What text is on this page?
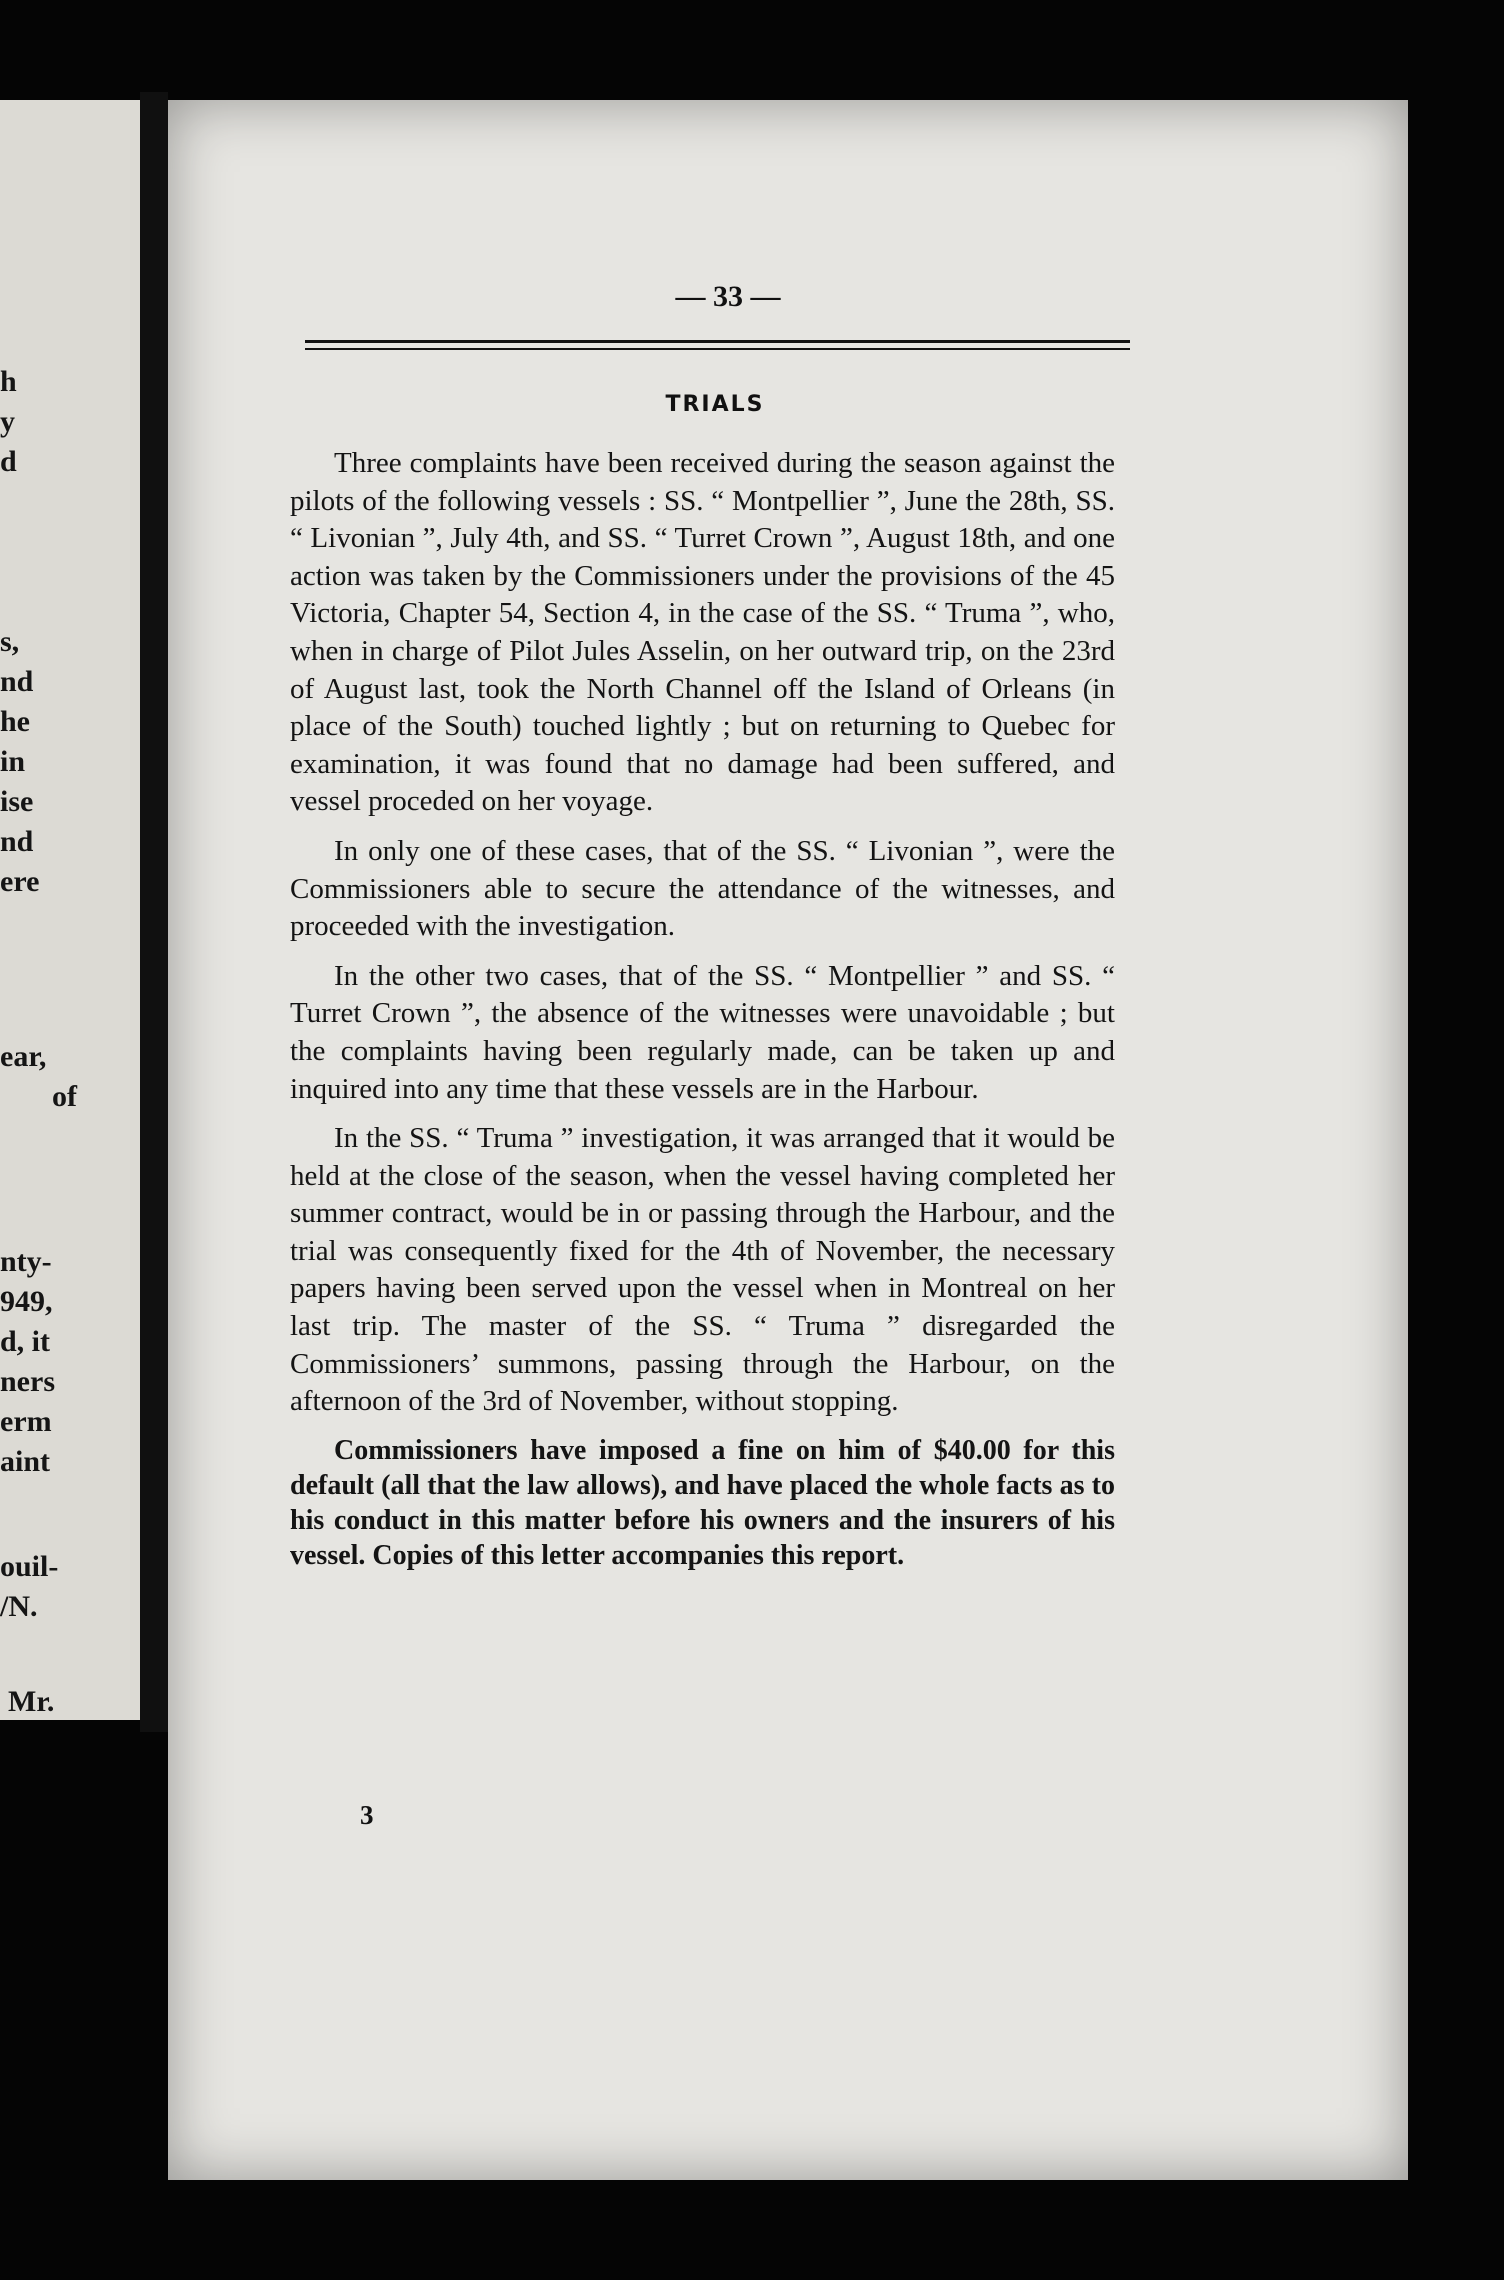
h
y
d
s,
nd
he
in
ise
nd
ere
ear,
of
nty-
949,
d, it
ners
erm
aint
ouil-
/N.
Mr.
— 33 —
TRIALS

Three complaints have been received during the season against the pilots of the following vessels : SS. “ Montpellier ”, June the 28th, SS. “ Livonian ”, July 4th, and SS. “ Turret Crown ”, August 18th, and one action was taken by the Commissioners under the provisions of the 45 Victoria, Chapter 54, Section 4, in the case of the SS. “ Truma ”, who, when in charge of Pilot Jules Asselin, on her outward trip, on the 23rd of August last, took the North Channel off the Island of Orleans (in place of the South) touched lightly ; but on returning to Quebec for examination, it was found that no damage had been suffered, and vessel proceded on her voyage.

In only one of these cases, that of the SS. “ Livonian ”, were the Commissioners able to secure the attendance of the witnesses, and proceeded with the investigation.

In the other two cases, that of the SS. “ Montpellier ” and SS. “ Turret Crown ”, the absence of the witnesses were unavoidable ; but the complaints having been regularly made, can be taken up and inquired into any time that these vessels are in the Harbour.

In the SS. “ Truma ” investigation, it was arranged that it would be held at the close of the season, when the vessel having completed her summer contract, would be in or passing through the Harbour, and the trial was consequently fixed for the 4th of November, the necessary papers having been served upon the vessel when in Montreal on her last trip. The master of the SS. “ Truma ” disregarded the Commissioners’ summons, passing through the Harbour, on the afternoon of the 3rd of November, without stopping.

Commissioners have imposed a fine on him of $40.00 for this default (all that the law allows), and have placed the whole facts as to his conduct in this matter before his owners and the insurers of his vessel. Copies of this letter accompanies this report.

3
